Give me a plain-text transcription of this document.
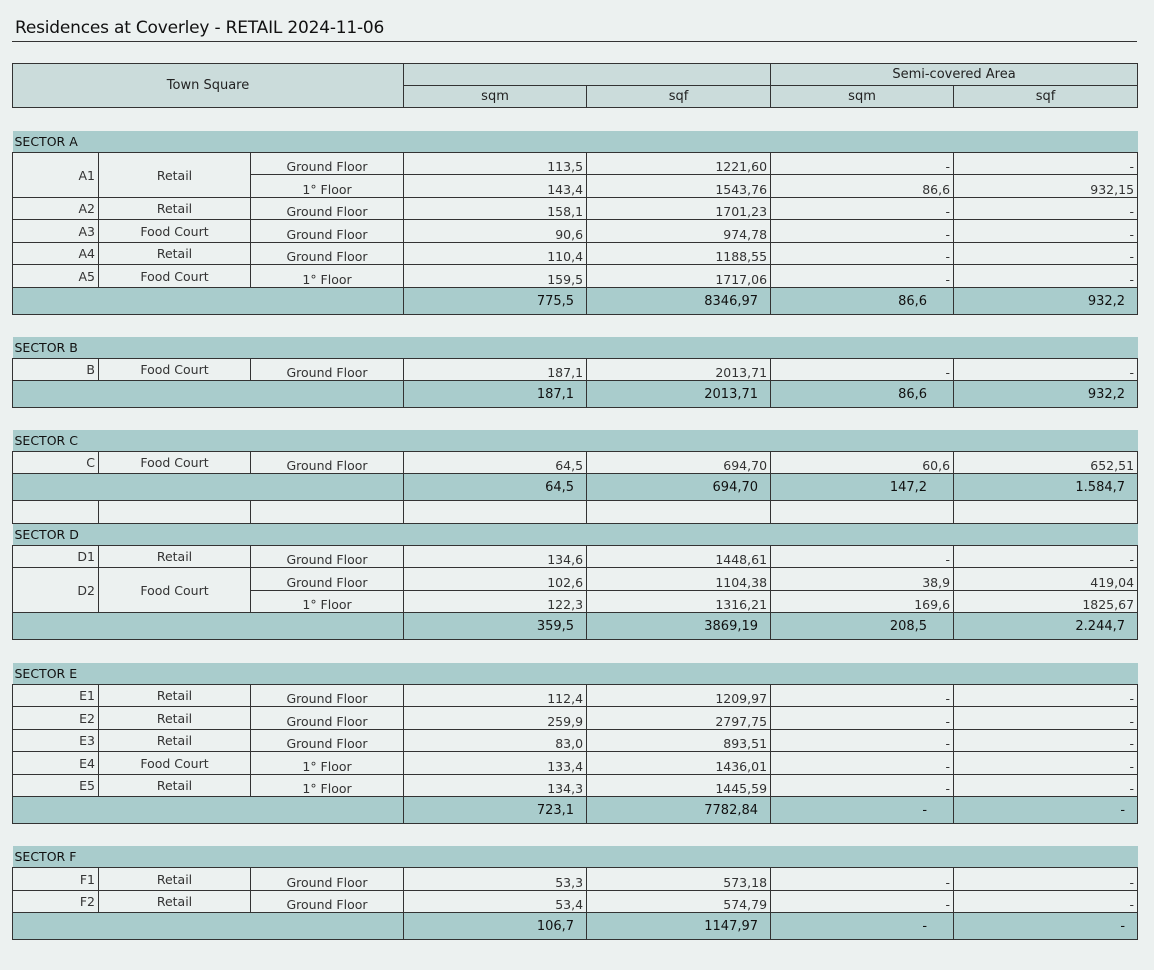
Residences at Coverley - RETAIL 2024-11-06
Town Square					Semi-covered Area	
			sqm	sqf	sqm	sqf

SECTOR A						
A1	Retail	Ground Floor	113,5	1221,60	-	-
		1° Floor	143,4	1543,76	86,6	932,15
A2	Retail	Ground Floor	158,1	1701,23	-	-
A3	Food Court	Ground Floor	90,6	974,78	-	-
A4	Retail	Ground Floor	110,4	1188,55	-	-
A5	Food Court	1° Floor	159,5	1717,06	-	-
			775,5	8346,97	86,6	932,2

SECTOR B						
B	Food Court	Ground Floor	187,1	2013,71	-	-
			187,1	2013,71	86,6	932,2

SECTOR C						
C	Food Court	Ground Floor	64,5	694,70	60,6	652,51
			64,5	694,70	147,2	1.584,7

SECTOR D						
D1	Retail	Ground Floor	134,6	1448,61	-	-
D2	Food Court	Ground Floor	102,6	1104,38	38,9	419,04
		1° Floor	122,3	1316,21	169,6	1825,67
			359,5	3869,19	208,5	2.244,7

SECTOR E						
E1	Retail	Ground Floor	112,4	1209,97	-	-
E2	Retail	Ground Floor	259,9	2797,75	-	-
E3	Retail	Ground Floor	83,0	893,51	-	-
E4	Food Court	1° Floor	133,4	1436,01	-	-
E5	Retail	1° Floor	134,3	1445,59	-	-
			723,1	7782,84	-	-

SECTOR F						
F1	Retail	Ground Floor	53,3	573,18	-	-
F2	Retail	Ground Floor	53,4	574,79	-	-
			106,7	1147,97	-	-
